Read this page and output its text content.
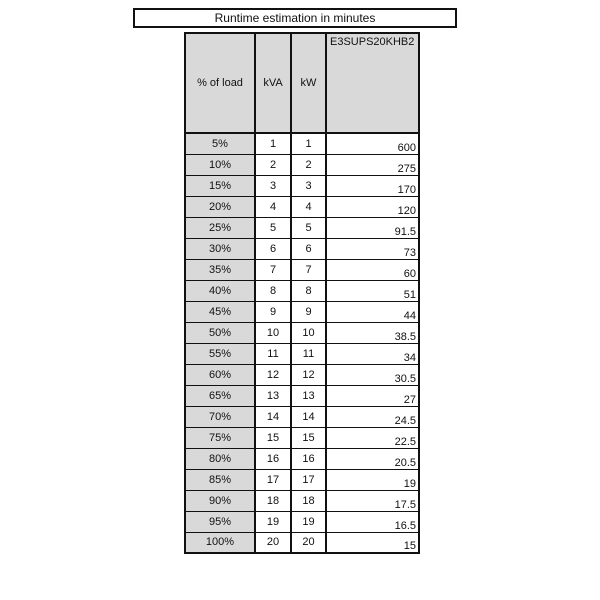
Runtime estimation in minutes
% of load	kVA	kW	E3SUPS20KHB2
5%	1	1	600
10%	2	2	275
15%	3	3	170
20%	4	4	120
25%	5	5	91.5
30%	6	6	73
35%	7	7	60
40%	8	8	51
45%	9	9	44
50%	10	10	38.5
55%	11	11	34
60%	12	12	30.5
65%	13	13	27
70%	14	14	24.5
75%	15	15	22.5
80%	16	16	20.5
85%	17	17	19
90%	18	18	17.5
95%	19	19	16.5
100%	20	20	15
